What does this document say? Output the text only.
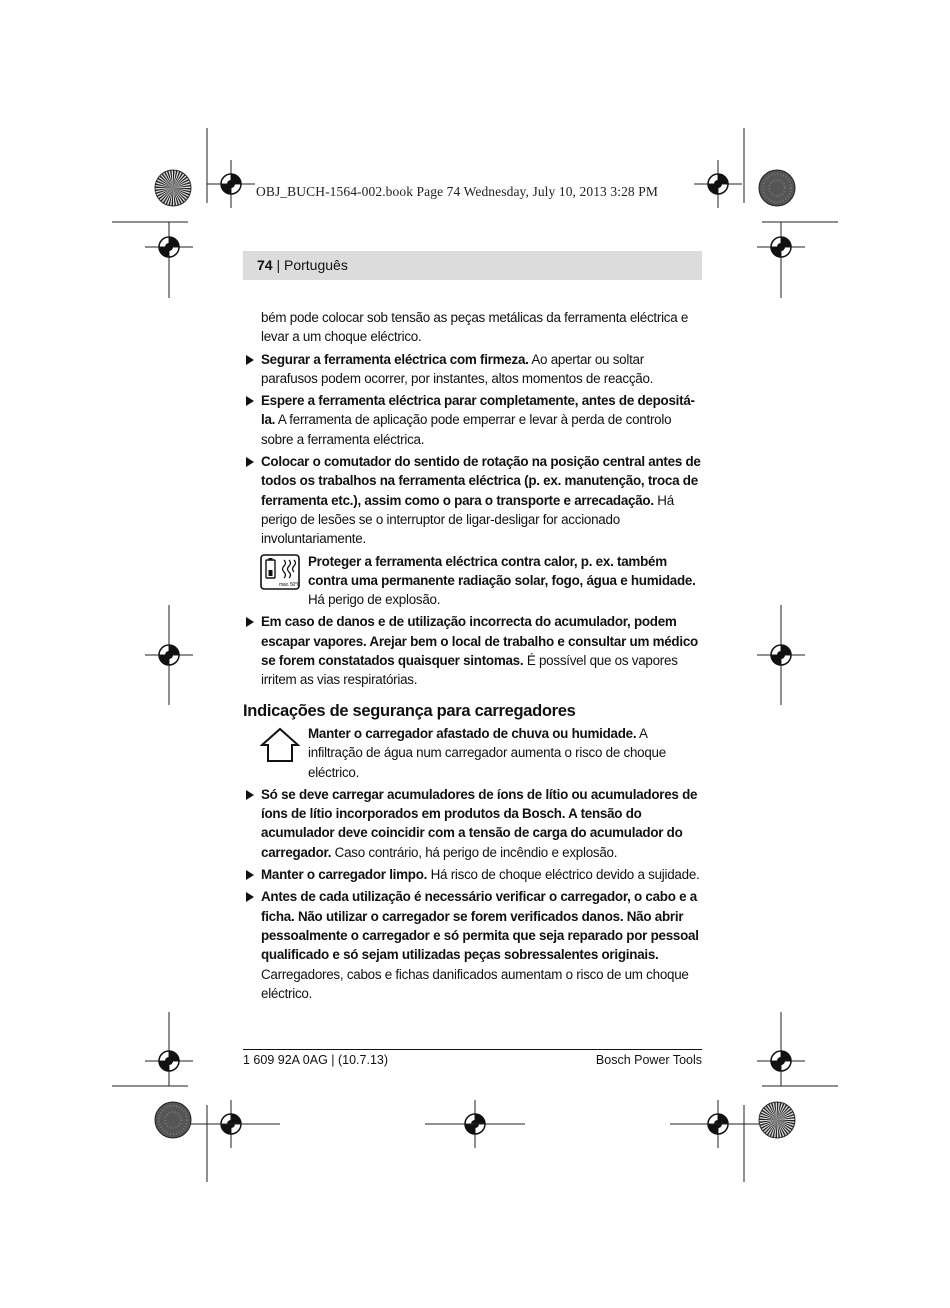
OBJ_BUCH-1564-002.book Page 74 Wednesday, July 10, 2013 3:28 PM
74 | Português

bém pode colocar sob tensão as peças metálicas da ferramenta eléctrica e levar a um choque eléctrico.

Segurar a ferramenta eléctrica com firmeza. Ao apertar ou soltar parafusos podem ocorrer, por instantes, altos momentos de reacção.
Espere a ferramenta eléctrica parar completamente, antes de depositá-la. A ferramenta de aplicação pode emperrar e levar à perda de controlo sobre a ferramenta eléctrica.
Colocar o comutador do sentido de rotação na posição central antes de todos os trabalhos na ferramenta eléctrica (p. ex. manutenção, troca de ferramenta etc.), assim como o para o transporte e arrecadação. Há perigo de lesões se o interruptor de ligar-desligar for accionado involuntariamente.
max. 50°C
Proteger a ferramenta eléctrica contra calor, p. ex. também contra uma permanente radiação solar, fogo, água e humidade. Há perigo de explosão.
Em caso de danos e de utilização incorrecta do acumulador, podem escapar vapores. Arejar bem o local de trabalho e consultar um médico se forem constatados quaisquer sintomas. É possível que os vapores irritem as vias respiratórias.
Indicações de segurança para carregadores
Manter o carregador afastado de chuva ou humidade. A infiltração de água num carregador aumenta o risco de choque eléctrico.
Só se deve carregar acumuladores de íons de lítio ou acumuladores de íons de lítio incorporados em produtos da Bosch. A tensão do acumulador deve coincidir com a tensão de carga do acumulador do carregador. Caso contrário, há perigo de incêndio e explosão.
Manter o carregador limpo. Há risco de choque eléctrico devido a sujidade.
Antes de cada utilização é necessário verificar o carregador, o cabo e a ficha. Não utilizar o carregador se forem verificados danos. Não abrir pessoalmente o carregador e só permita que seja reparado por pessoal qualificado e só sejam utilizadas peças sobressalentes originais. Carregadores, cabos e fichas danificados aumentam o risco de um choque eléctrico.
1 609 92A 0AG | (10.7.13)	Bosch Power Tools
